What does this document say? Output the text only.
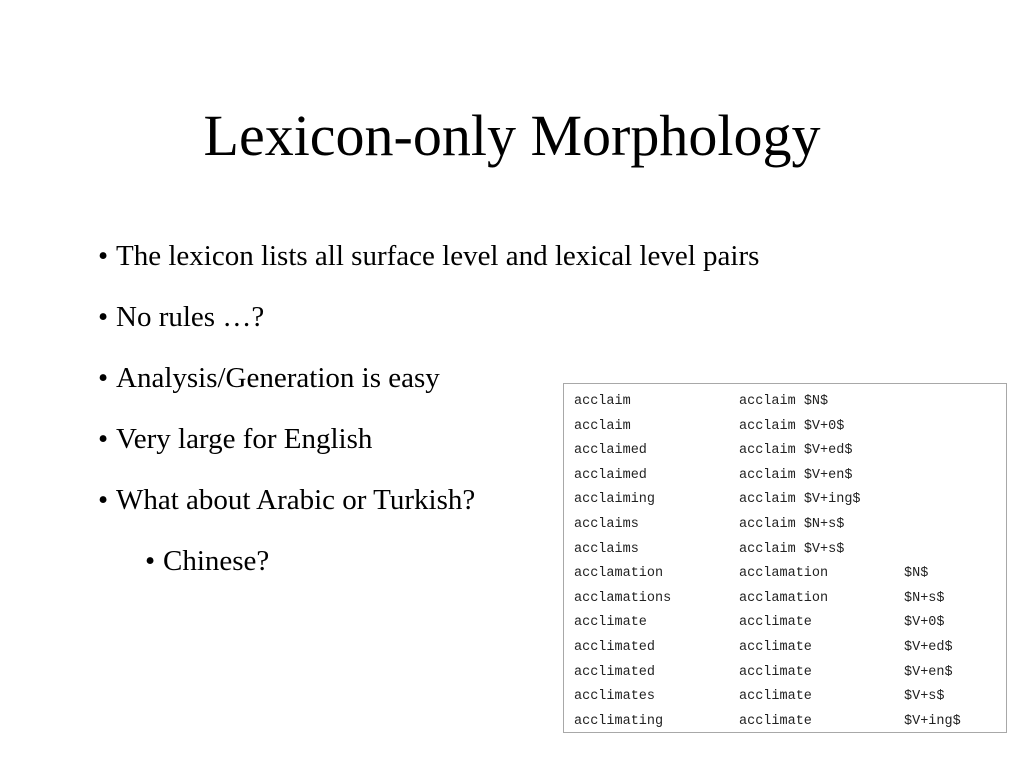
Lexicon-only Morphology
• The lexicon lists all surface level and lexical level pairs
• No rules …?
• Analysis/Generation is easy
• Very large for English
• What about Arabic or Turkish?
• Chinese?
acclaim	acclaim $N$
acclaim	acclaim $V+0$
acclaimed	acclaim $V+ed$
acclaimed	acclaim $V+en$
acclaiming	acclaim $V+ing$
acclaims	acclaim $N+s$
acclaims	acclaim $V+s$
acclamation	acclamation	$N$
acclamations	acclamation	$N+s$
acclimate	acclimate	$V+0$
acclimated	acclimate	$V+ed$
acclimated	acclimate	$V+en$
acclimates	acclimate	$V+s$
acclimating	acclimate	$V+ing$
